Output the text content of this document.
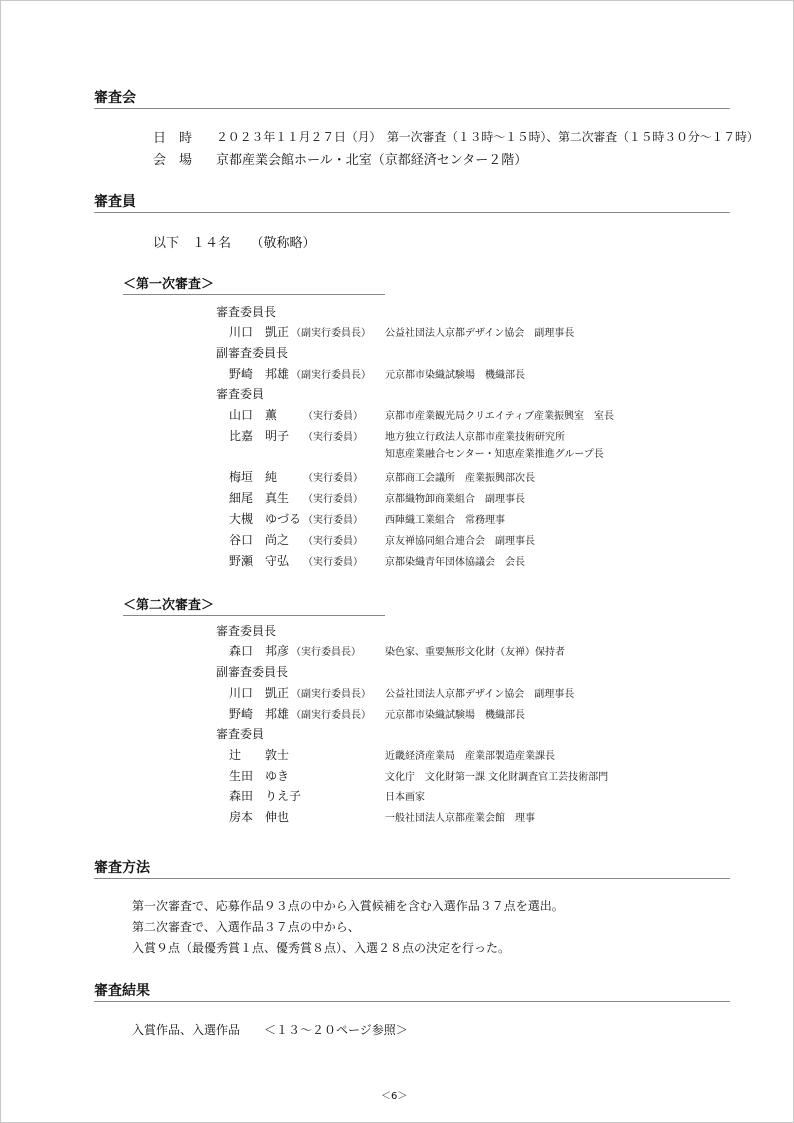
審査会
日　時 ２０２３年１１月２７日（月）　第一次審査（１３時～１５時）、第二次審査（１５時３０分～１７時）
会　場 京都産業会館ホール・北室（京都経済センター２階）
審査員
以下　１４名　　（敬称略）
＜第一次審査＞
審査委員長
川口　凱正 （副実行委員長） 公益社団法人京都デザイン協会　副理事長
副審査委員長
野崎　邦雄 （副実行委員長） 元京都市染織試験場　機織部長
審査委員
山口　薫	（実行委員） 京都市産業観光局クリエイティブ産業振興室　室長
比嘉　明子 （実行委員） 地方独立行政法人京都市産業技術研究所
知恵産業融合センター・知恵産業推進グループ長
梅垣　純	（実行委員） 京都商工会議所　産業振興部次長
細尾　真生 （実行委員） 京都織物卸商業組合　副理事長
大槻　ゆづる （実行委員） 西陣織工業組合　常務理事
谷口　尚之 （実行委員） 京友禅協同組合連合会　副理事長
野瀬　守弘 （実行委員） 京都染織青年団体協議会　会長
＜第二次審査＞
審査委員長
森口　邦彦 （実行委員長） 染色家、重要無形文化財（友禅）保持者
副審査委員長
川口　凱正 （副実行委員長） 公益社団法人京都デザイン協会　副理事長
野崎　邦雄 （副実行委員長） 元京都市染織試験場　機織部長
審査委員
辻　　敦士	近畿経済産業局　産業部製造産業課長
生田　ゆき	文化庁　文化財第一課 文化財調査官工芸技術部門
森田　りえ子	日本画家
房本　伸也	一般社団法人京都産業会館　理事
審査方法
第一次審査で、応募作品９３点の中から入賞候補を含む入選作品３７点を選出。
第二次審査で、入選作品３７点の中から、
入賞９点（最優秀賞１点、優秀賞８点）、入選２８点の決定を行った。
審査結果
入賞作品、入選作品　　＜１３～２０ページ参照＞
＜6＞
